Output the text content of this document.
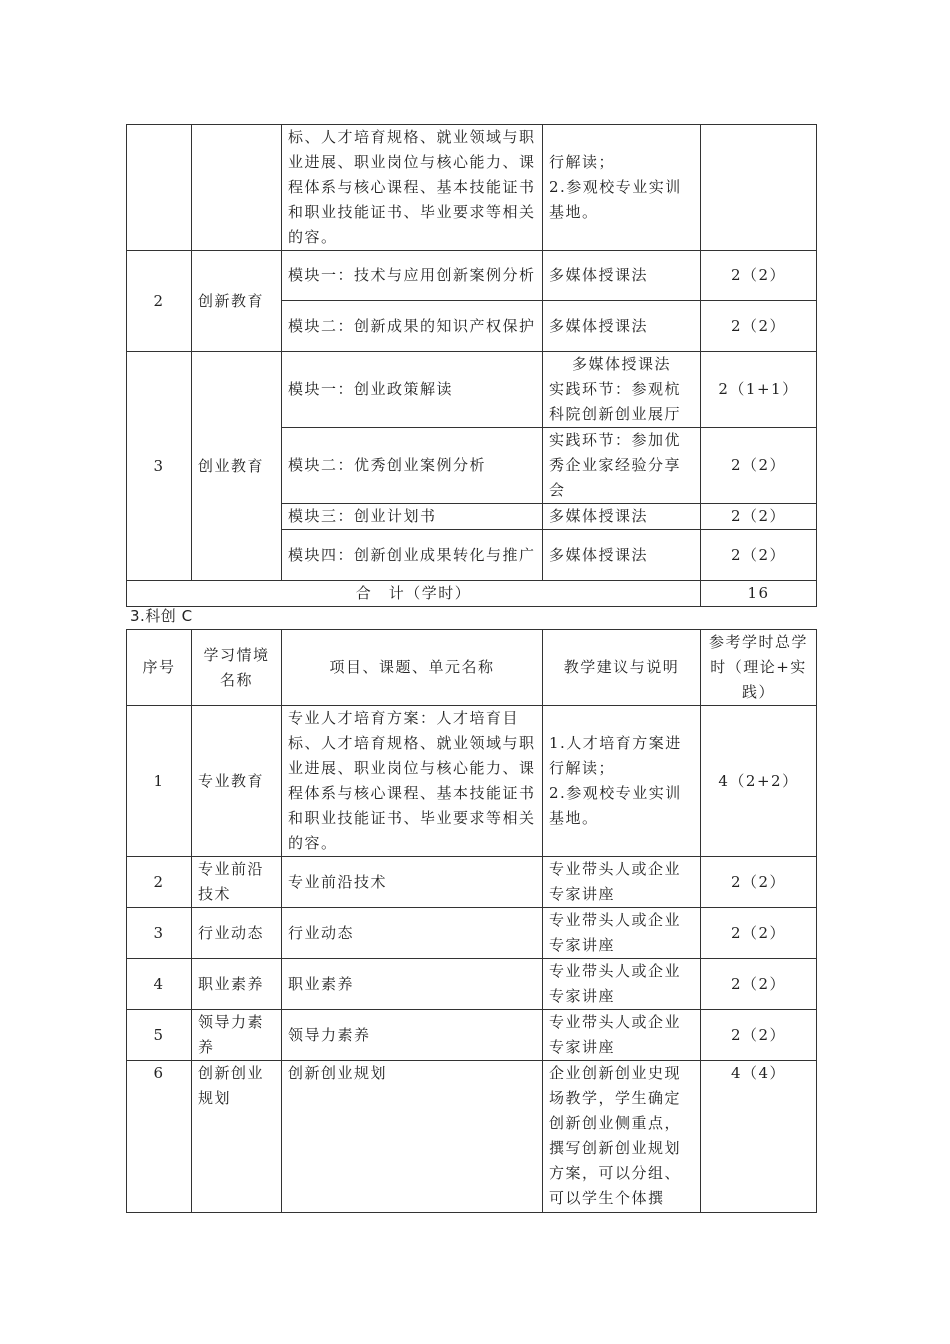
		标、人才培育规格、就业领域与职业进展、职业岗位与核心能力、课程体系与核心课程、基本技能证书和职业技能证书、毕业要求等相关的容。	行解读；
2.参观校专业实训基地。	
2	创新教育	模块一：技术与应用创新案例分析	多媒体授课法	2（2）
		模块二：创新成果的知识产权保护	多媒体授课法	2（2）
3	创业教育	模块一：创业政策解读	多媒体授课法
实践环节：参观杭科院创新创业展厅	2（1+1）
		模块二：优秀创业案例分析	实践环节：参加优秀企业家经验分享会	2（2）
		模块三：创业计划书	多媒体授课法	2（2）
		模块四：创新创业成果转化与推广	多媒体授课法	2（2）
合　计（学时）				16
3.科创 C
序号	学习情境名称	项目、课题、单元名称	教学建议与说明	参考学时总学时（理论+实践）
1	专业教育	专业人才培育方案：人才培育目标、人才培育规格、就业领域与职业进展、职业岗位与核心能力、课程体系与核心课程、基本技能证书和职业技能证书、毕业要求等相关的容。	1.人才培育方案进行解读；
2.参观校专业实训基地。	4（2+2）
2	专业前沿技术	专业前沿技术	专业带头人或企业专家讲座	2（2）
3	行业动态	行业动态	专业带头人或企业专家讲座	2（2）
4	职业素养	职业素养	专业带头人或企业专家讲座	2（2）
5	领导力素养	领导力素养	专业带头人或企业专家讲座	2（2）
6	创新创业规划	创新创业规划	企业创新创业史现场教学，学生确定创新创业侧重点，撰写创新创业规划方案，可以分组、可以学生个体撰	4（4）
